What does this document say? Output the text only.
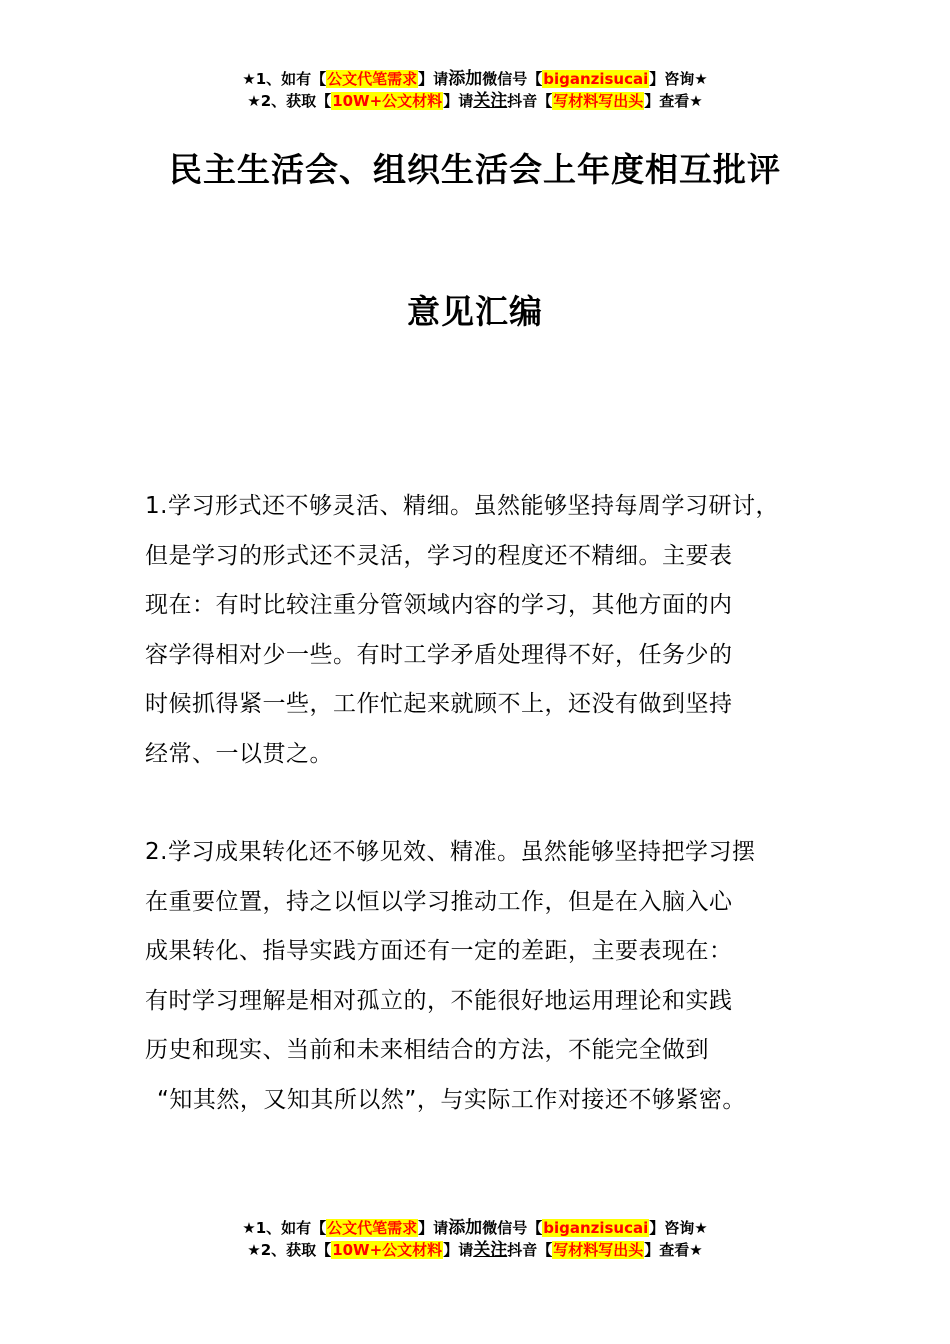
★1、如有【公文代笔需求】请添加微信号【biganzisucai】咨询★
★2、获取【10W+公文材料】请关注抖音【写材料写出头】查看★
民主生活会、组织生活会上年度相互批评
意见汇编
1.学习形式还不够灵活、精细。虽然能够坚持每周学习研讨，
但是学习的形式还不灵活，学习的程度还不精细。主要表
现在：有时比较注重分管领域内容的学习，其他方面的内
容学得相对少一些。有时工学矛盾处理得不好，任务少的
时候抓得紧一些，工作忙起来就顾不上，还没有做到坚持
经常、一以贯之。
2.学习成果转化还不够见效、精准。虽然能够坚持把学习摆
在重要位置，持之以恒以学习推动工作，但是在入脑入心
成果转化、指导实践方面还有一定的差距，主要表现在：
有时学习理解是相对孤立的，不能很好地运用理论和实践
历史和现实、当前和未来相结合的方法，不能完全做到
“知其然，又知其所以然”，与实际工作对接还不够紧密。
★1、如有【公文代笔需求】请添加微信号【biganzisucai】咨询★
★2、获取【10W+公文材料】请关注抖音【写材料写出头】查看★
